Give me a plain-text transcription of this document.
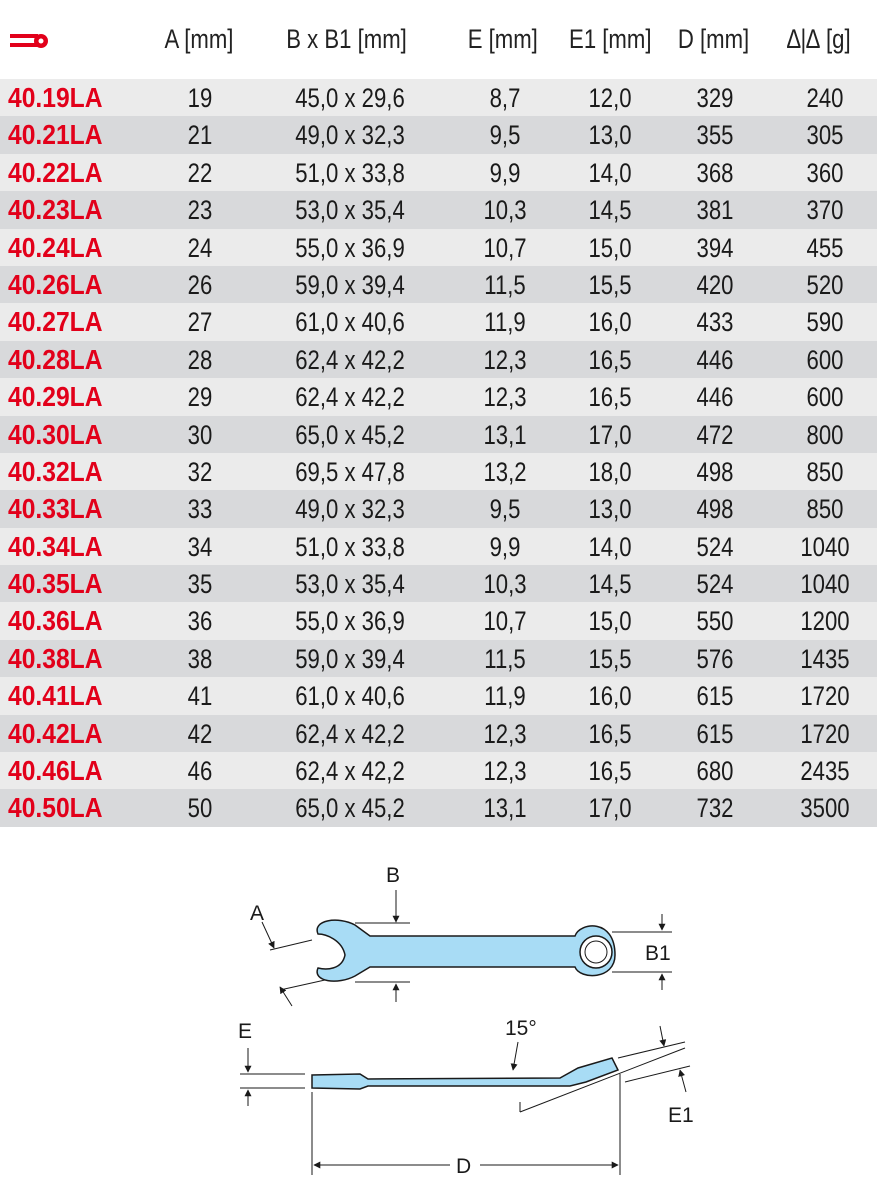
A [mm] B x B1 [mm] E [mm] E1 [mm] D [mm] ∆|∆ [g]
40.19LA	19	45,0 x 29,6	8,7	12,0	329	240
40.21LA	21	49,0 x 32,3	9,5	13,0	355	305
40.22LA	22	51,0 x 33,8	9,9	14,0	368	360
40.23LA	23	53,0 x 35,4	10,3	14,5	381	370
40.24LA	24	55,0 x 36,9	10,7	15,0	394	455
40.26LA	26	59,0 x 39,4	11,5	15,5	420	520
40.27LA	27	61,0 x 40,6	11,9	16,0	433	590
40.28LA	28	62,4 x 42,2	12,3	16,5	446	600
40.29LA	29	62,4 x 42,2	12,3	16,5	446	600
40.30LA	30	65,0 x 45,2	13,1	17,0	472	800
40.32LA	32	69,5 x 47,8	13,2	18,0	498	850
40.33LA	33	49,0 x 32,3	9,5	13,0	498	850
40.34LA	34	51,0 x 33,8	9,9	14,0	524	1040
40.35LA	35	53,0 x 35,4	10,3	14,5	524	1040
40.36LA	36	55,0 x 36,9	10,7	15,0	550	1200
40.38LA	38	59,0 x 39,4	11,5	15,5	576	1435
40.41LA	41	61,0 x 40,6	11,9	16,0	615	1720
40.42LA	42	62,4 x 42,2	12,3	16,5	615	1720
40.46LA	46	62,4 x 42,2	12,3	16,5	680	2435
40.50LA	50	65,0 x 45,2	13,1	17,0	732	3500
A
B
B1
E	15°
E1
D
